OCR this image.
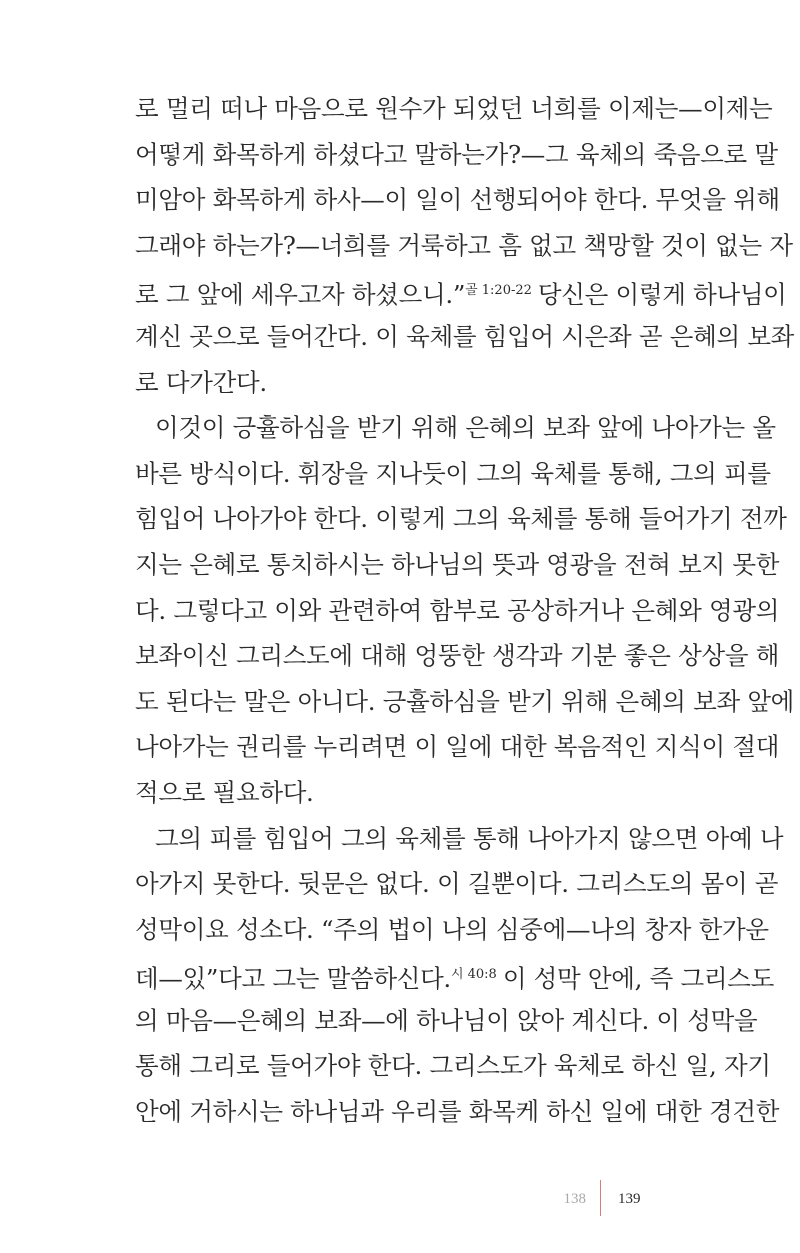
로 멀리 떠나 마음으로 원수가 되었던 너희를 이제는—이제는
어떻게 화목하게 하셨다고 말하는가?—그 육체의 죽음으로 말
미암아 화목하게 하사—이 일이 선행되어야 한다. 무엇을 위해
그래야 하는가?—너희를 거룩하고 흠 없고 책망할 것이 없는 자
로 그 앞에 세우고자 하셨으니.”$^{골 1:20-22}$ 당신은 이렇게 하나님이
계신 곳으로 들어간다. 이 육체를 힘입어 시은좌 곧 은혜의 보좌
로 다가간다.
이것이 긍휼하심을 받기 위해 은혜의 보좌 앞에 나아가는 올
바른 방식이다. 휘장을 지나듯이 그의 육체를 통해, 그의 피를
힘입어 나아가야 한다. 이렇게 그의 육체를 통해 들어가기 전까
지는 은혜로 통치하시는 하나님의 뜻과 영광을 전혀 보지 못한
다. 그렇다고 이와 관련하여 함부로 공상하거나 은혜와 영광의
보좌이신 그리스도에 대해 엉뚱한 생각과 기분 좋은 상상을 해
도 된다는 말은 아니다. 긍휼하심을 받기 위해 은혜의 보좌 앞에
나아가는 권리를 누리려면 이 일에 대한 복음적인 지식이 절대
적으로 필요하다.
그의 피를 힘입어 그의 육체를 통해 나아가지 않으면 아예 나
아가지 못한다. 뒷문은 없다. 이 길뿐이다. 그리스도의 몸이 곧
성막이요 성소다. “주의 법이 나의 심중에—나의 창자 한가운
데—있”다고 그는 말씀하신다.$^{시 40:8}$ 이 성막 안에, 즉 그리스도
의 마음—은혜의 보좌—에 하나님이 앉아 계신다. 이 성막을
통해 그리로 들어가야 한다. 그리스도가 육체로 하신 일, 자기
안에 거하시는 하나님과 우리를 화목케 하신 일에 대한 경건한
138 139
